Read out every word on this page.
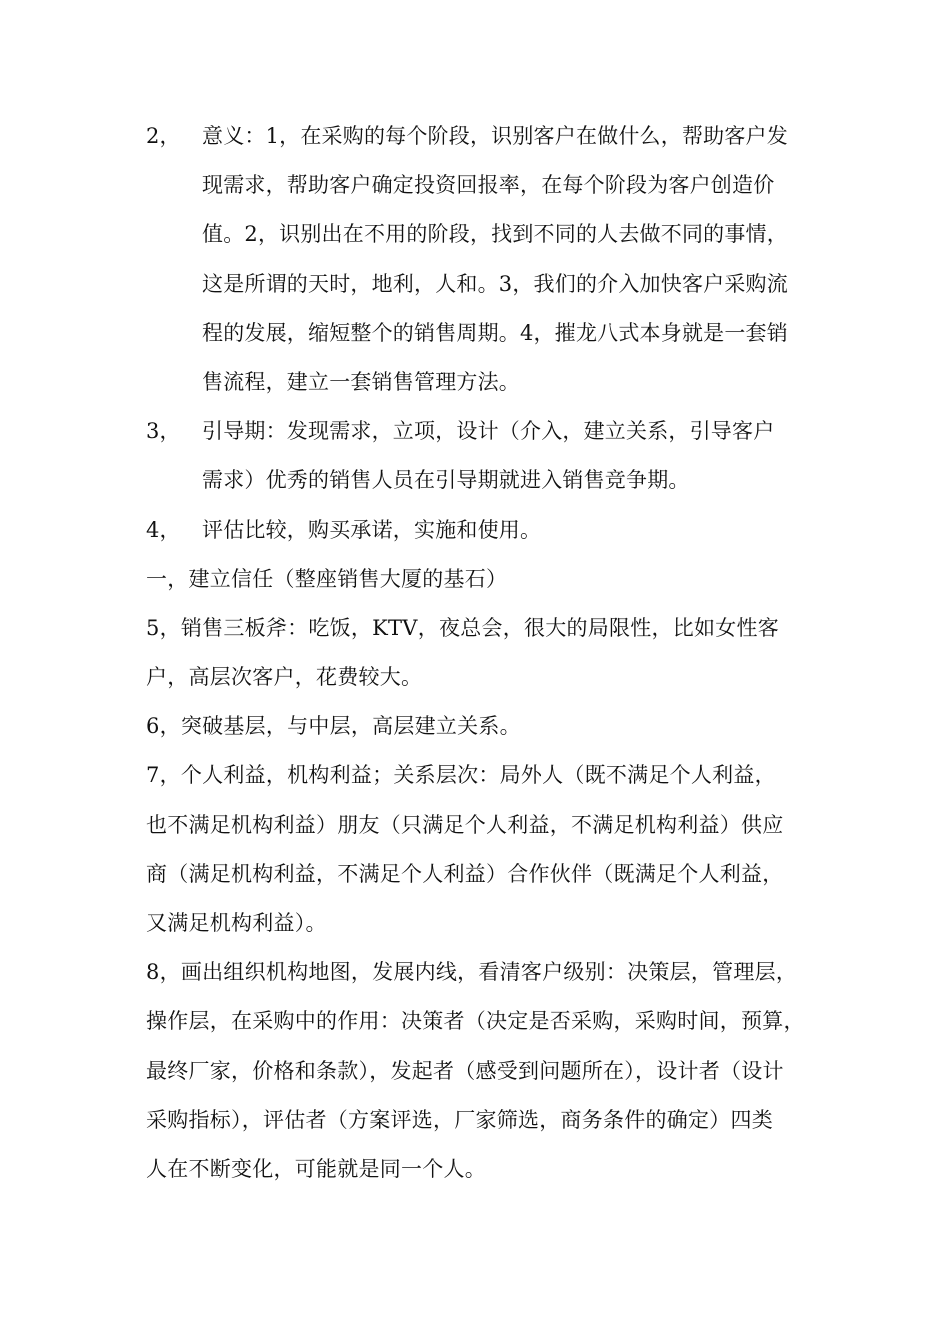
2，	意义：1，在采购的每个阶段，识别客户在做什么，帮助客户发
现需求，帮助客户确定投资回报率，在每个阶段为客户创造价
值。2，识别出在不用的阶段，找到不同的人去做不同的事情，
这是所谓的天时，地利，人和。3，我们的介入加快客户采购流
程的发展，缩短整个的销售周期。4，摧龙八式本身就是一套销
售流程，建立一套销售管理方法。
3，	引导期：发现需求，立项，设计（介入，建立关系，引导客户
需求）优秀的销售人员在引导期就进入销售竞争期。
4，	评估比较，购买承诺，实施和使用。
一，建立信任（整座销售大厦的基石）
5，销售三板斧：吃饭，KTV，夜总会，很大的局限性，比如女性客
户，高层次客户，花费较大。
6，突破基层，与中层，高层建立关系。
7，个人利益，机构利益；关系层次：局外人（既不满足个人利益，
也不满足机构利益）朋友（只满足个人利益，不满足机构利益）供应
商（满足机构利益，不满足个人利益）合作伙伴（既满足个人利益，
又满足机构利益）。
8，画出组织机构地图，发展内线，看清客户级别：决策层，管理层，
操作层，在采购中的作用：决策者（决定是否采购，采购时间，预算，
最终厂家，价格和条款），发起者（感受到问题所在），设计者（设计
采购指标），评估者（方案评选，厂家筛选，商务条件的确定）四类
人在不断变化，可能就是同一个人。
